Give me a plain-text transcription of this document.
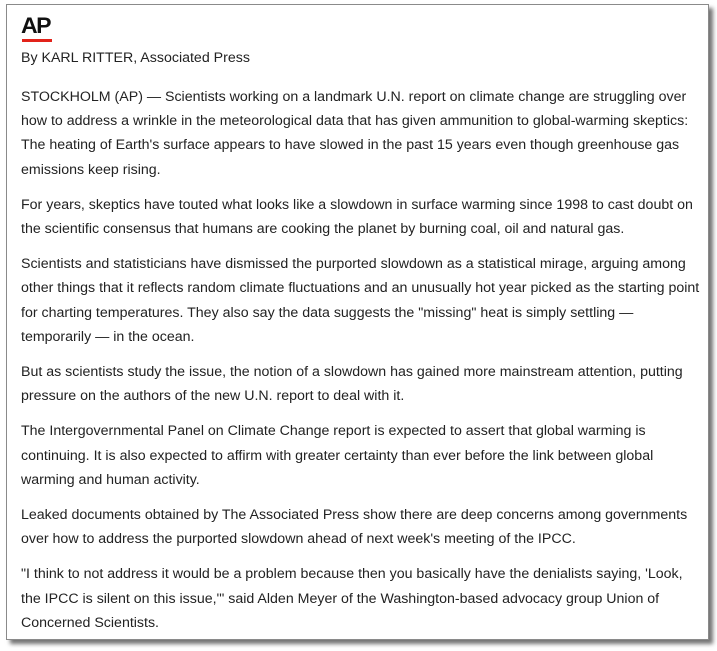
AP
By KARL RITTER, Associated Press

STOCKHOLM (AP) — Scientists working on a landmark U.N. report on climate change are struggling over how to address a wrinkle in the meteorological data that has given ammunition to global-warming skeptics: The heating of Earth's surface appears to have slowed in the past 15 years even though greenhouse gas emissions keep rising.

For years, skeptics have touted what looks like a slowdown in surface warming since 1998 to cast doubt on the scientific consensus that humans are cooking the planet by burning coal, oil and natural gas.

Scientists and statisticians have dismissed the purported slowdown as a statistical mirage, arguing among other things that it reflects random climate fluctuations and an unusually hot year picked as the starting point for charting temperatures. They also say the data suggests the "missing" heat is simply settling — temporarily — in the ocean.

But as scientists study the issue, the notion of a slowdown has gained more mainstream attention, putting pressure on the authors of the new U.N. report to deal with it.

The Intergovernmental Panel on Climate Change report is expected to assert that global warming is continuing. It is also expected to affirm with greater certainty than ever before the link between global warming and human activity.

Leaked documents obtained by The Associated Press show there are deep concerns among governments over how to address the purported slowdown ahead of next week's meeting of the IPCC.

"I think to not address it would be a problem because then you basically have the denialists saying, 'Look, the IPCC is silent on this issue,'" said Alden Meyer of the Washington-based advocacy group Union of Concerned Scientists.
